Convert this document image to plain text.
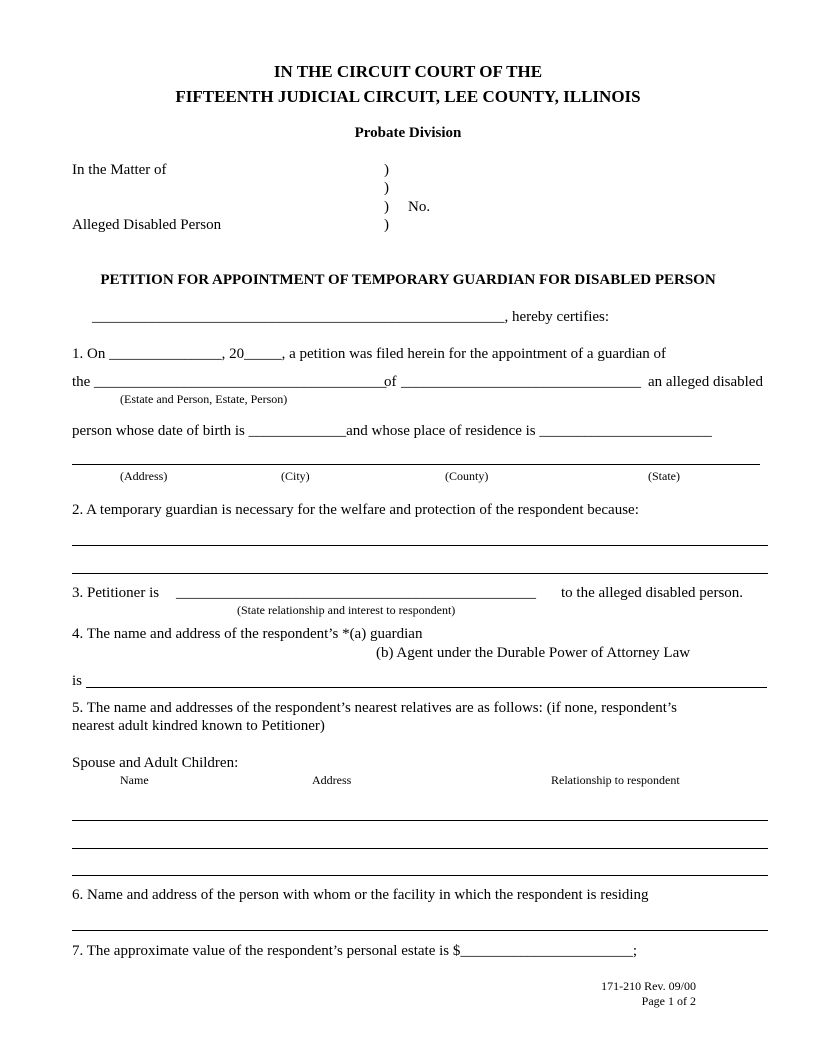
IN THE CIRCUIT COURT OF THE
FIFTEENTH JUDICIAL CIRCUIT, LEE COUNTY, ILLINOIS
Probate Division
In the Matter of
Alleged Disabled Person
)
)
)
)
No.
PETITION FOR APPOINTMENT OF TEMPORARY GUARDIAN FOR DISABLED PERSON
_______________________________________________________, hereby certifies:
1. On _______________, 20_____, a petition was filed herein for the appointment of a guardian of
the _______________________________________
of ________________________________ an alleged disabled
(Estate and Person, Estate, Person)
person whose date of birth is _____________and whose place of residence is _______________________
(Address)	(City)	(County)	(State)
2. A temporary guardian is necessary for the welfare and protection of the respondent because:
3. Petitioner is ________________________________________________ to the alleged disabled person.
(State relationship and interest to respondent)
4. The name and address of the respondent’s *(a) guardian
(b) Agent under the Durable Power of Attorney Law
is
5. The name and addresses of the respondent’s nearest relatives are as follows: (if none, respondent’s
nearest adult kindred known to Petitioner)
Spouse and Adult Children:
Name	Address	Relationship to respondent
6. Name and address of the person with whom or the facility in which the respondent is residing
7. The approximate value of the respondent’s personal estate is $_______________________;
171-210 Rev. 09/00
Page 1 of 2
